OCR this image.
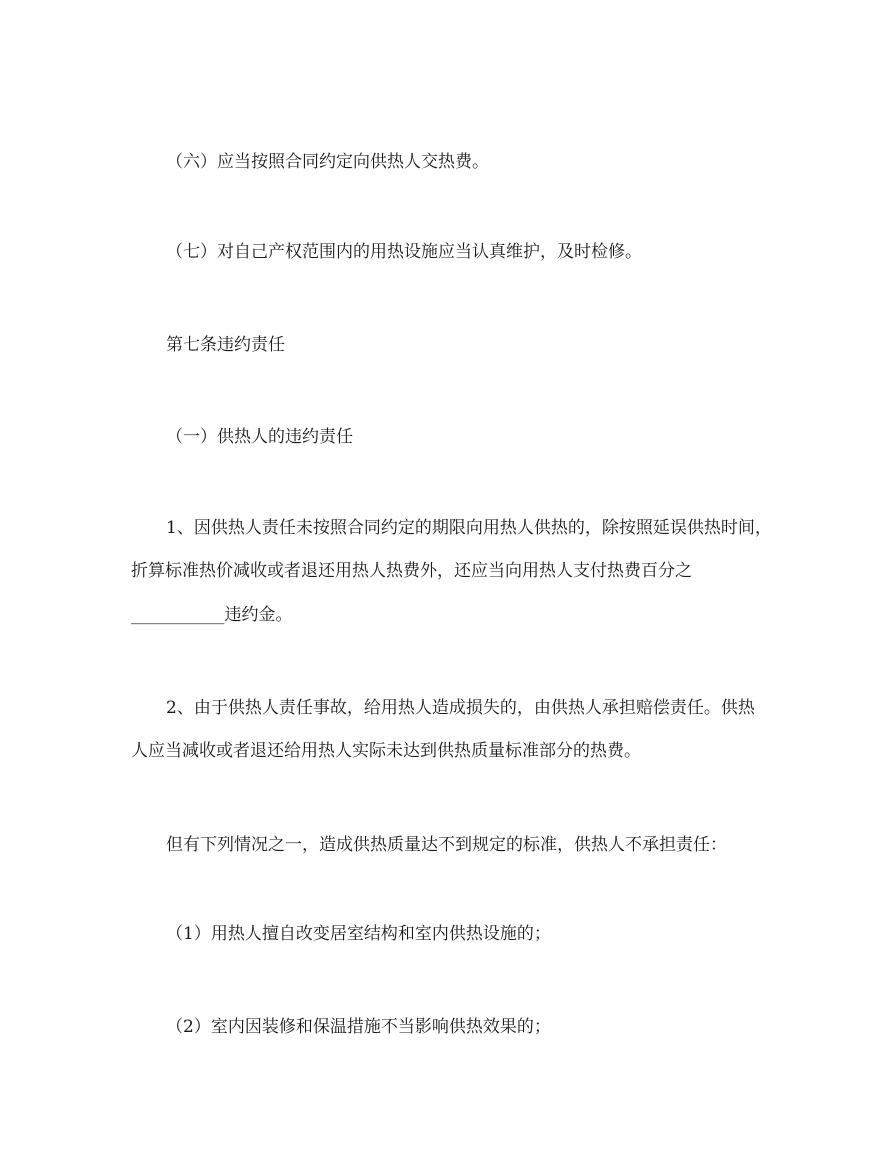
（六）应当按照合同约定向供热人交热费。
（七）对自己产权范围内的用热设施应当认真维护，及时检修。
第七条违约责任
（一）供热人的违约责任
1、因供热人责任未按照合同约定的期限向用热人供热的，除按照延误供热时间，
折算标准热价减收或者退还用热人热费外，还应当向用热人支付热费百分之
___________违约金。
2、由于供热人责任事故，给用热人造成损失的，由供热人承担赔偿责任。供热
人应当减收或者退还给用热人实际未达到供热质量标准部分的热费。
但有下列情况之一，造成供热质量达不到规定的标准，供热人不承担责任：
（1）用热人擅自改变居室结构和室内供热设施的；
（2）室内因装修和保温措施不当影响供热效果的；
